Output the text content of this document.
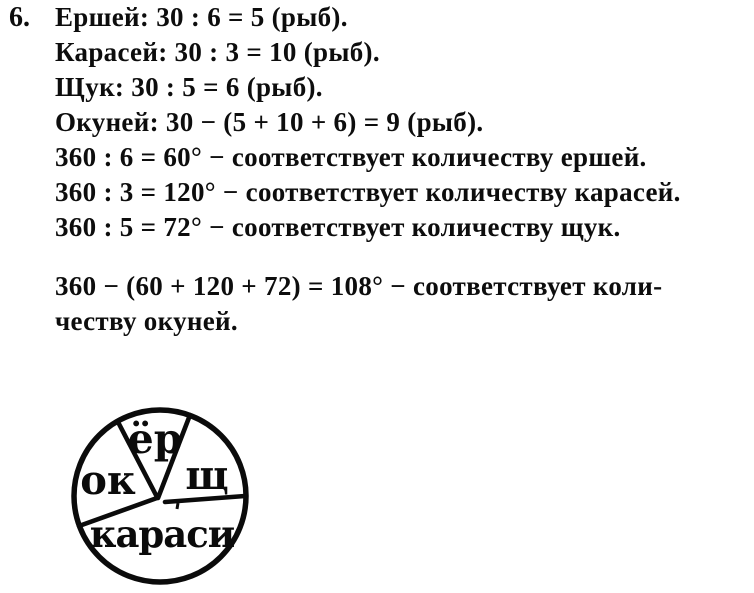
6. Ершей: 30 : 6 = 5 (рыб).
Карасей: 30 : 3 = 10 (рыб).
Щук: 30 : 5 = 6 (рыб).
Окуней: 30 − (5 + 10 + 6) = 9 (рыб).
360 : 6 = 60° − соответствует количеству ершей.
360 : 3 = 120° − соответствует количеству карасей.
360 : 5 = 72° − соответствует количеству щук.
360 − (60 + 120 + 72) = 108° − соответствует коли-
честву окуней.
ёр
щ
караси
ок
